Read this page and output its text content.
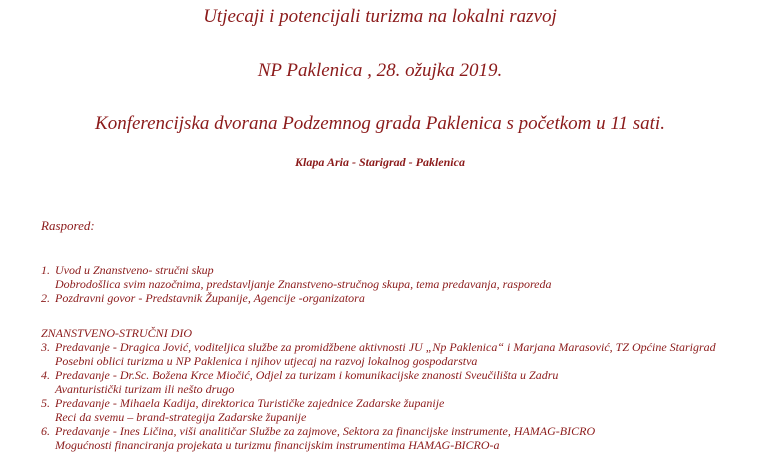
Utjecaji i potencijali turizma na lokalni razvoj
NP Paklenica , 28. ožujka 2019.
Konferencijska dvorana Podzemnog grada Paklenica s početkom u 11 sati.
Klapa Aria - Starigrad - Paklenica
Raspored:
1. Uvod u Znanstveno- stručni skup
Dobrodošlica svim nazočnima, predstavljanje Znanstveno-stručnog skupa, tema predavanja, rasporeda
2. Pozdravni govor - Predstavnik Županije, Agencije -organizatora
ZNANSTVENO-STRUČNI DIO
3. Predavanje - Dragica Jović, voditeljica službe za promidžbene aktivnosti JU „Np Paklenica“ i Marjana Marasović, TZ Općine Starigrad
Posebni oblici turizma u NP Paklenica i njihov utjecaj na razvoj lokalnog gospodarstva
4. Predavanje - Dr.Sc. Božena Krce Miočić, Odjel za turizam i komunikacijske znanosti Sveučilišta u Zadru
Avanturistički turizam ili nešto drugo
5. Predavanje - Mihaela Kadija, direktorica Turističke zajednice Zadarske županije
Reci da svemu – brand-strategija Zadarske županije
6. Predavanje - Ines Ličina, viši analitičar Službe za zajmove, Sektora za financijske instrumente, HAMAG-BICRO
Mogućnosti financiranja projekata u turizmu financijskim instrumentima HAMAG-BICRO-a
